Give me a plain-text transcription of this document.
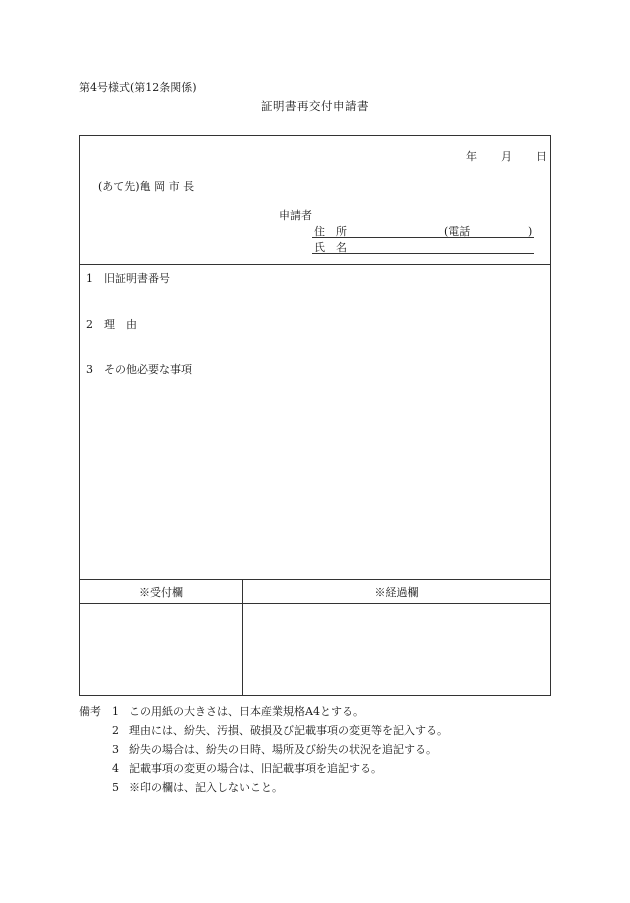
第4号様式(第12条関係)
証明書再交付申請書
年 月 日
(あて先)亀 岡 市 長
申請者
住　所	(電話	)
氏　名
1 旧証明書番号
2 理　由
3 その他必要な事項
※受付欄	※経過欄
備考 1 この用紙の大きさは、日本産業規格A4とする。
2 理由には、紛失、汚損、破損及び記載事項の変更等を記入する。
3 紛失の場合は、紛失の日時、場所及び紛失の状況を追記する。
4 記載事項の変更の場合は、旧記載事項を追記する。
5 ※印の欄は、記入しないこと。
